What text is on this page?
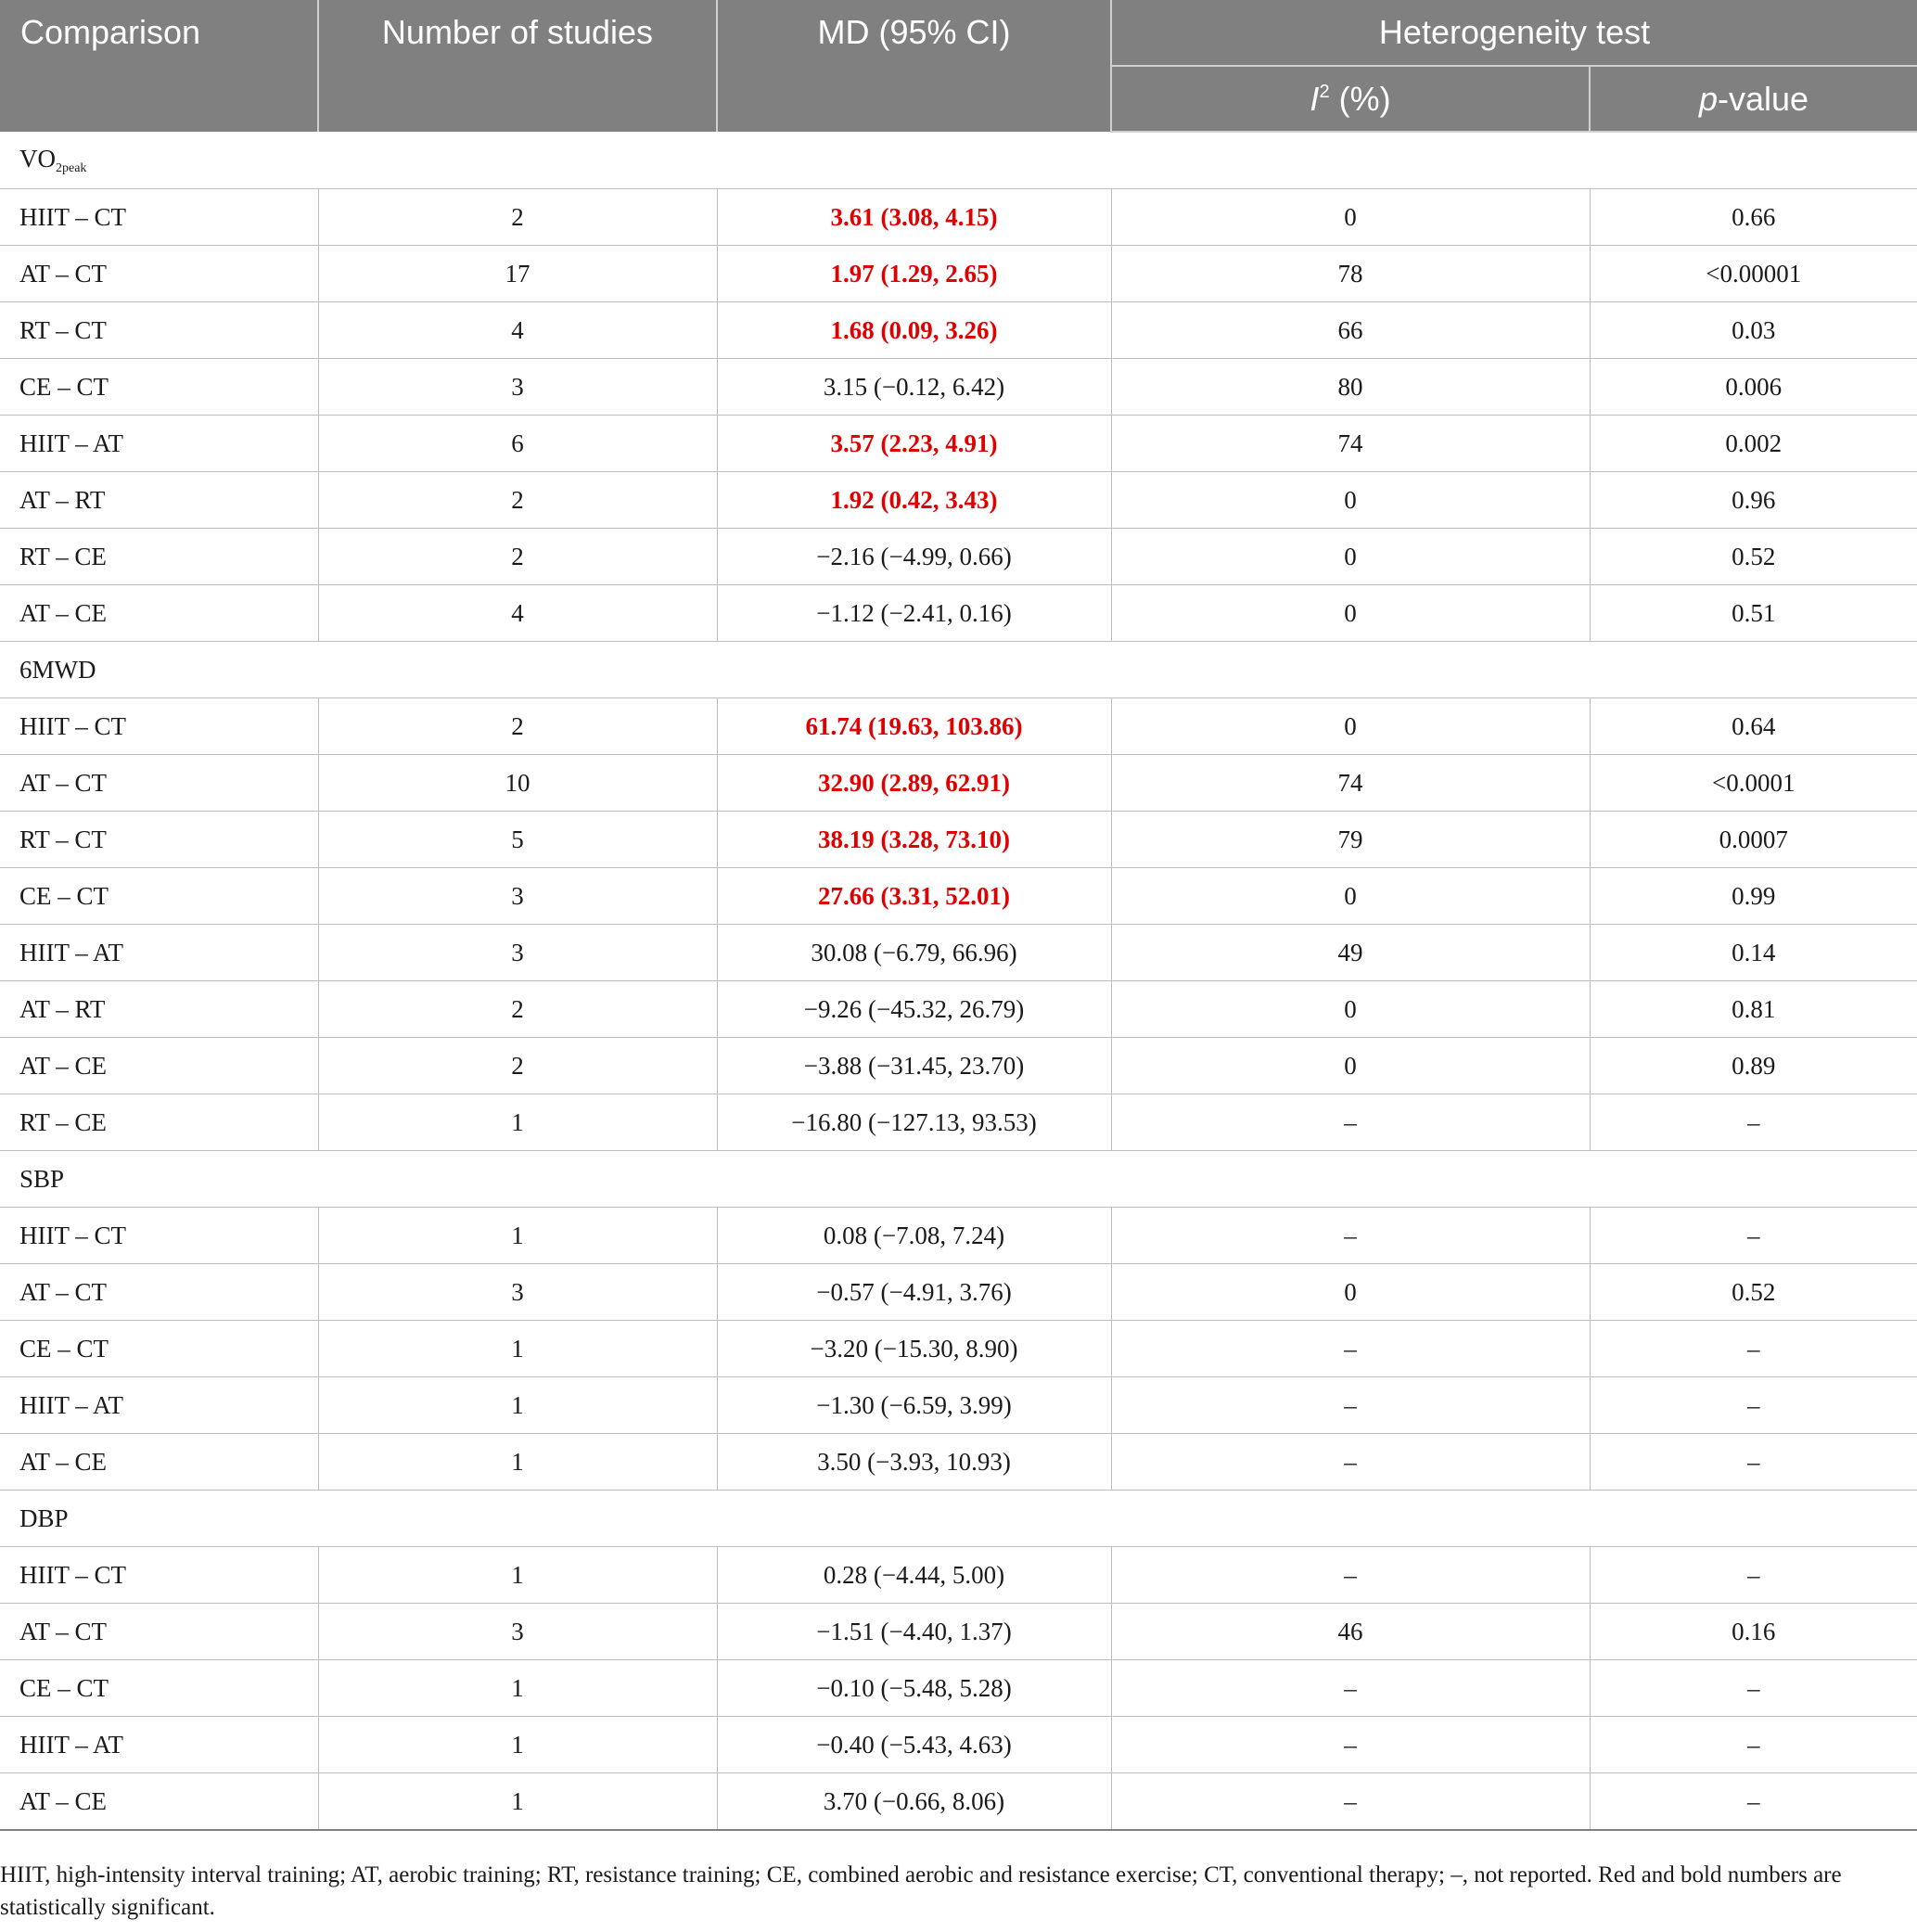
Comparison	Number of studies	MD (95% CI)	Heterogeneity test	
			$I^2$ (%)	p-value
$VO_{2peak}$
HIIT – CT	2	3.61 (3.08, 4.15)	0	0.66
AT – CT	17	1.97 (1.29, 2.65)	78	<0.00001
RT – CT	4	1.68 (0.09, 3.26)	66	0.03
CE – CT	3	3.15 (−0.12, 6.42)	80	0.006
HIIT – AT	6	3.57 (2.23, 4.91)	74	0.002
AT – RT	2	1.92 (0.42, 3.43)	0	0.96
RT – CE	2	−2.16 (−4.99, 0.66)	0	0.52
AT – CE	4	−1.12 (−2.41, 0.16)	0	0.51
6MWD				
HIIT – CT	2	61.74 (19.63, 103.86)	0	0.64
AT – CT	10	32.90 (2.89, 62.91)	74	<0.0001
RT – CT	5	38.19 (3.28, 73.10)	79	0.0007
CE – CT	3	27.66 (3.31, 52.01)	0	0.99
HIIT – AT	3	30.08 (−6.79, 66.96)	49	0.14
AT – RT	2	−9.26 (−45.32, 26.79)	0	0.81
AT – CE	2	−3.88 (−31.45, 23.70)	0	0.89
RT – CE	1	−16.80 (−127.13, 93.53)	–	–
SBP				
HIIT – CT	1	0.08 (−7.08, 7.24)	–	–
AT – CT	3	−0.57 (−4.91, 3.76)	0	0.52
CE – CT	1	−3.20 (−15.30, 8.90)	–	–
HIIT – AT	1	−1.30 (−6.59, 3.99)	–	–
AT – CE	1	3.50 (−3.93, 10.93)	–	–
DBP				
HIIT – CT	1	0.28 (−4.44, 5.00)	–	–
AT – CT	3	−1.51 (−4.40, 1.37)	46	0.16
CE – CT	1	−0.10 (−5.48, 5.28)	–	–
HIIT – AT	1	−0.40 (−5.43, 4.63)	–	–
AT – CE	1	3.70 (−0.66, 8.06)	–	–
HIIT, high-intensity interval training; AT, aerobic training; RT, resistance training; CE, combined aerobic and resistance exercise; CT, conventional therapy; –, not reported. Red and bold numbers are statistically significant.
